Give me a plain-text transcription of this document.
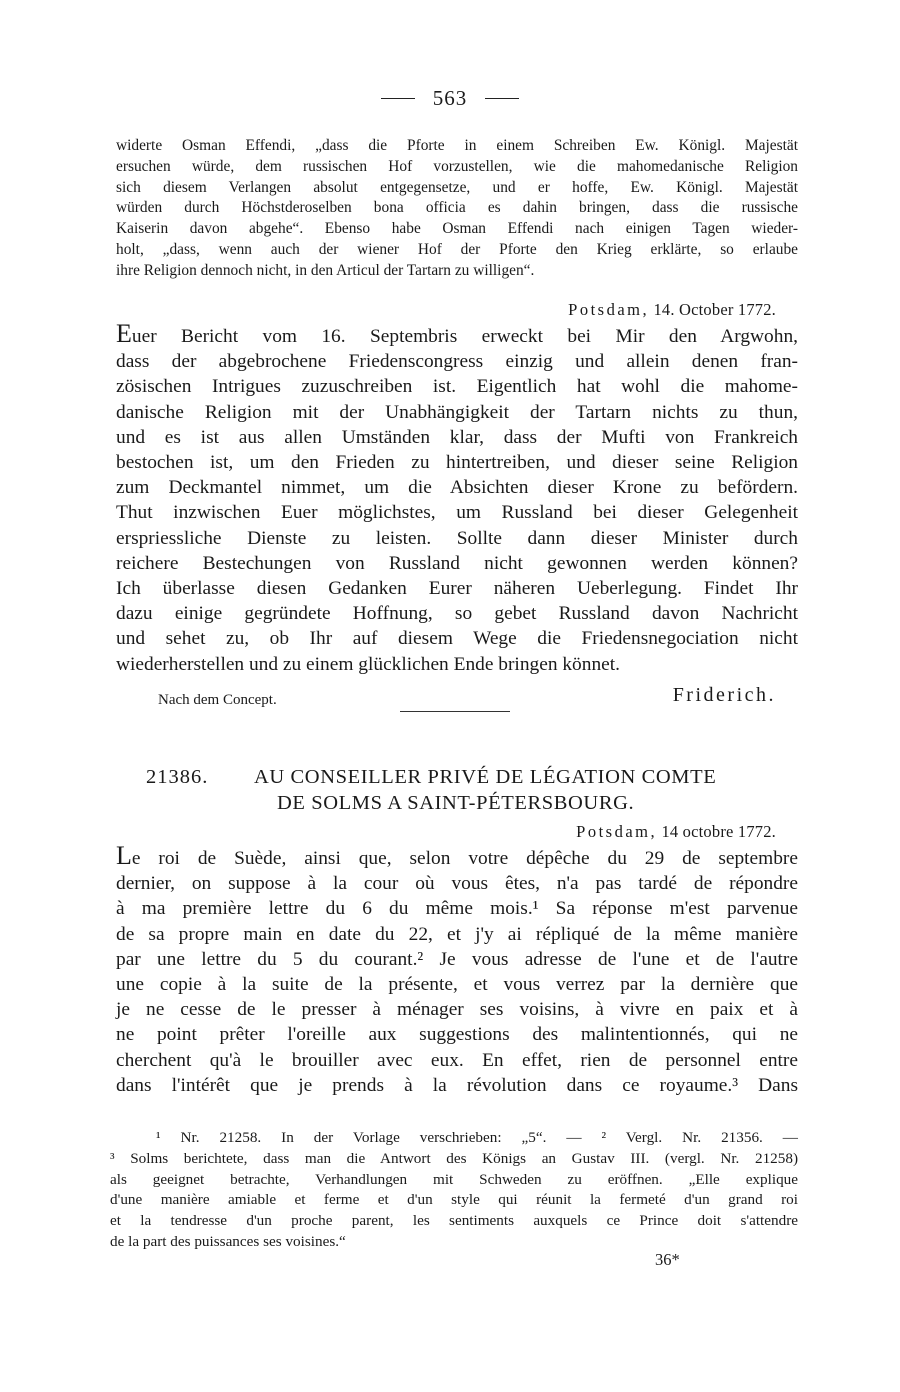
563
widerte Osman Effendi, „dass die Pforte in einem Schreiben Ew. Königl. Majestät
ersuchen würde, dem russischen Hof vorzustellen, wie die mahomedanische Religion
sich diesem Verlangen absolut entgegensetze, und er hoffe, Ew. Königl. Majestät
würden durch Höchstderoselben bona officia es dahin bringen, dass die russische
Kaiserin davon abgehe“. Ebenso habe Osman Effendi nach einigen Tagen wieder-
holt, „dass, wenn auch der wiener Hof der Pforte den Krieg erklärte, so erlaube
ihre Religion dennoch nicht, in den Articul der Tartarn zu willigen“.
Potsdam, 14. October 1772.
Euer Bericht vom 16. Septembris erweckt bei Mir den Argwohn,
dass der abgebrochene Friedenscongress einzig und allein denen fran-
zösischen Intrigues zuzuschreiben ist. Eigentlich hat wohl die mahome-
danische Religion mit der Unabhängigkeit der Tartarn nichts zu thun,
und es ist aus allen Umständen klar, dass der Mufti von Frankreich
bestochen ist, um den Frieden zu hintertreiben, und dieser seine Religion
zum Deckmantel nimmet, um die Absichten dieser Krone zu befördern.
Thut inzwischen Euer möglichstes, um Russland bei dieser Gelegenheit
erspriessliche Dienste zu leisten. Sollte dann dieser Minister durch
reichere Bestechungen von Russland nicht gewonnen werden können?
Ich überlasse diesen Gedanken Eurer näheren Ueberlegung. Findet Ihr
dazu einige gegründete Hoffnung, so gebet Russland davon Nachricht
und sehet zu, ob Ihr auf diesem Wege die Friedensnegociation nicht
wiederherstellen und zu einem glücklichen Ende bringen könnet.
Nach dem Concept.	Friderich.
21386. AU CONSEILLER PRIVÉ DE LÉGATION COMTE
DE SOLMS A SAINT-PÉTERSBOURG.
Potsdam, 14 octobre 1772.
Le roi de Suède, ainsi que, selon votre dépêche du 29 de septembre
dernier, on suppose à la cour où vous êtes, n'a pas tardé de répondre
à ma première lettre du 6 du même mois.¹ Sa réponse m'est parvenue
de sa propre main en date du 22, et j'y ai répliqué de la même manière
par une lettre du 5 du courant.² Je vous adresse de l'une et de l'autre
une copie à la suite de la présente, et vous verrez par la dernière que
je ne cesse de le presser à ménager ses voisins, à vivre en paix et à
ne point prêter l'oreille aux suggestions des malintentionnés, qui ne
cherchent qu'à le brouiller avec eux. En effet, rien de personnel entre
dans l'intérêt que je prends à la révolution dans ce royaume.³ Dans
¹ Nr. 21258. In der Vorlage verschrieben: „5“. — ² Vergl. Nr. 21356. —
³ Solms berichtete, dass man die Antwort des Königs an Gustav III. (vergl. Nr. 21258)
als geeignet betrachte, Verhandlungen mit Schweden zu eröffnen. „Elle explique
d'une manière amiable et ferme et d'un style qui réunit la fermeté d'un grand roi
et la tendresse d'un proche parent, les sentiments auxquels ce Prince doit s'attendre
de la part des puissances ses voisines.“
36*
